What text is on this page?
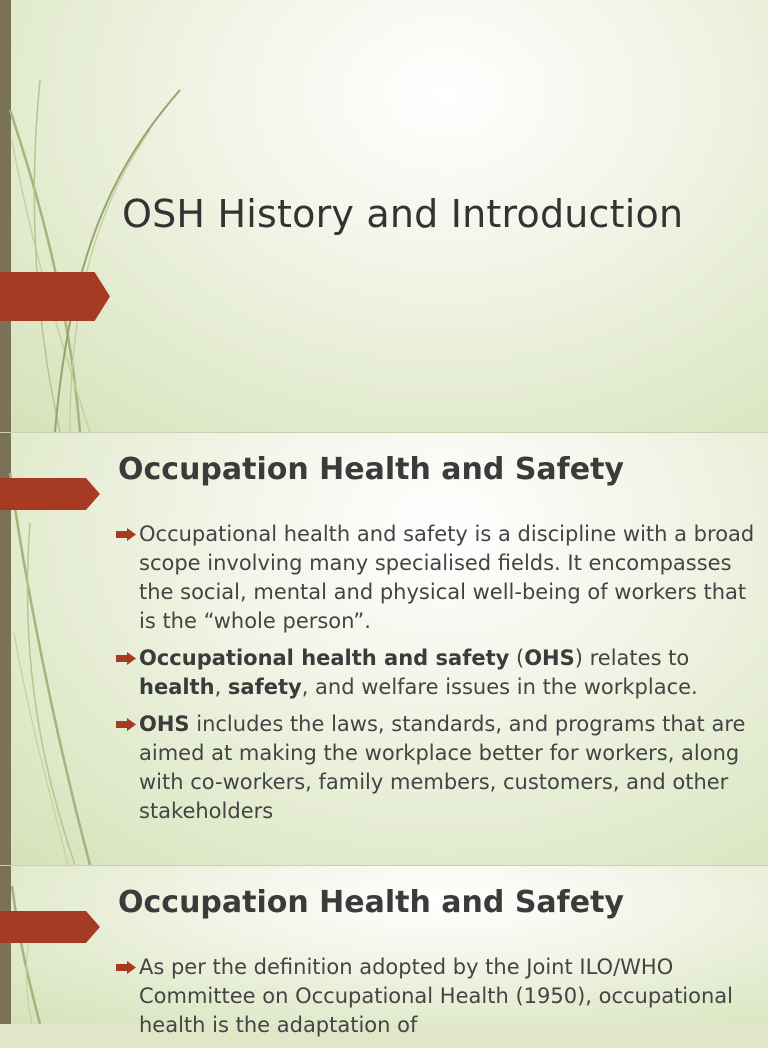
OSH History and Introduction
Occupation Health and Safety
Occupational health and safety is a discipline with a broad scope involving many specialised fields. It encompasses the social, mental and physical well-being of workers that is the “whole person”.
Occupational health and safety (OHS) relates to health, safety, and welfare issues in the workplace.
OHS includes the laws, standards, and programs that are aimed at making the workplace better for workers, along with co-workers, family members, customers, and other stakeholders
Occupation Health and Safety
As per the definition adopted by the Joint ILO/WHO Committee on Occupational Health (1950), occupational health is the adaptation of
